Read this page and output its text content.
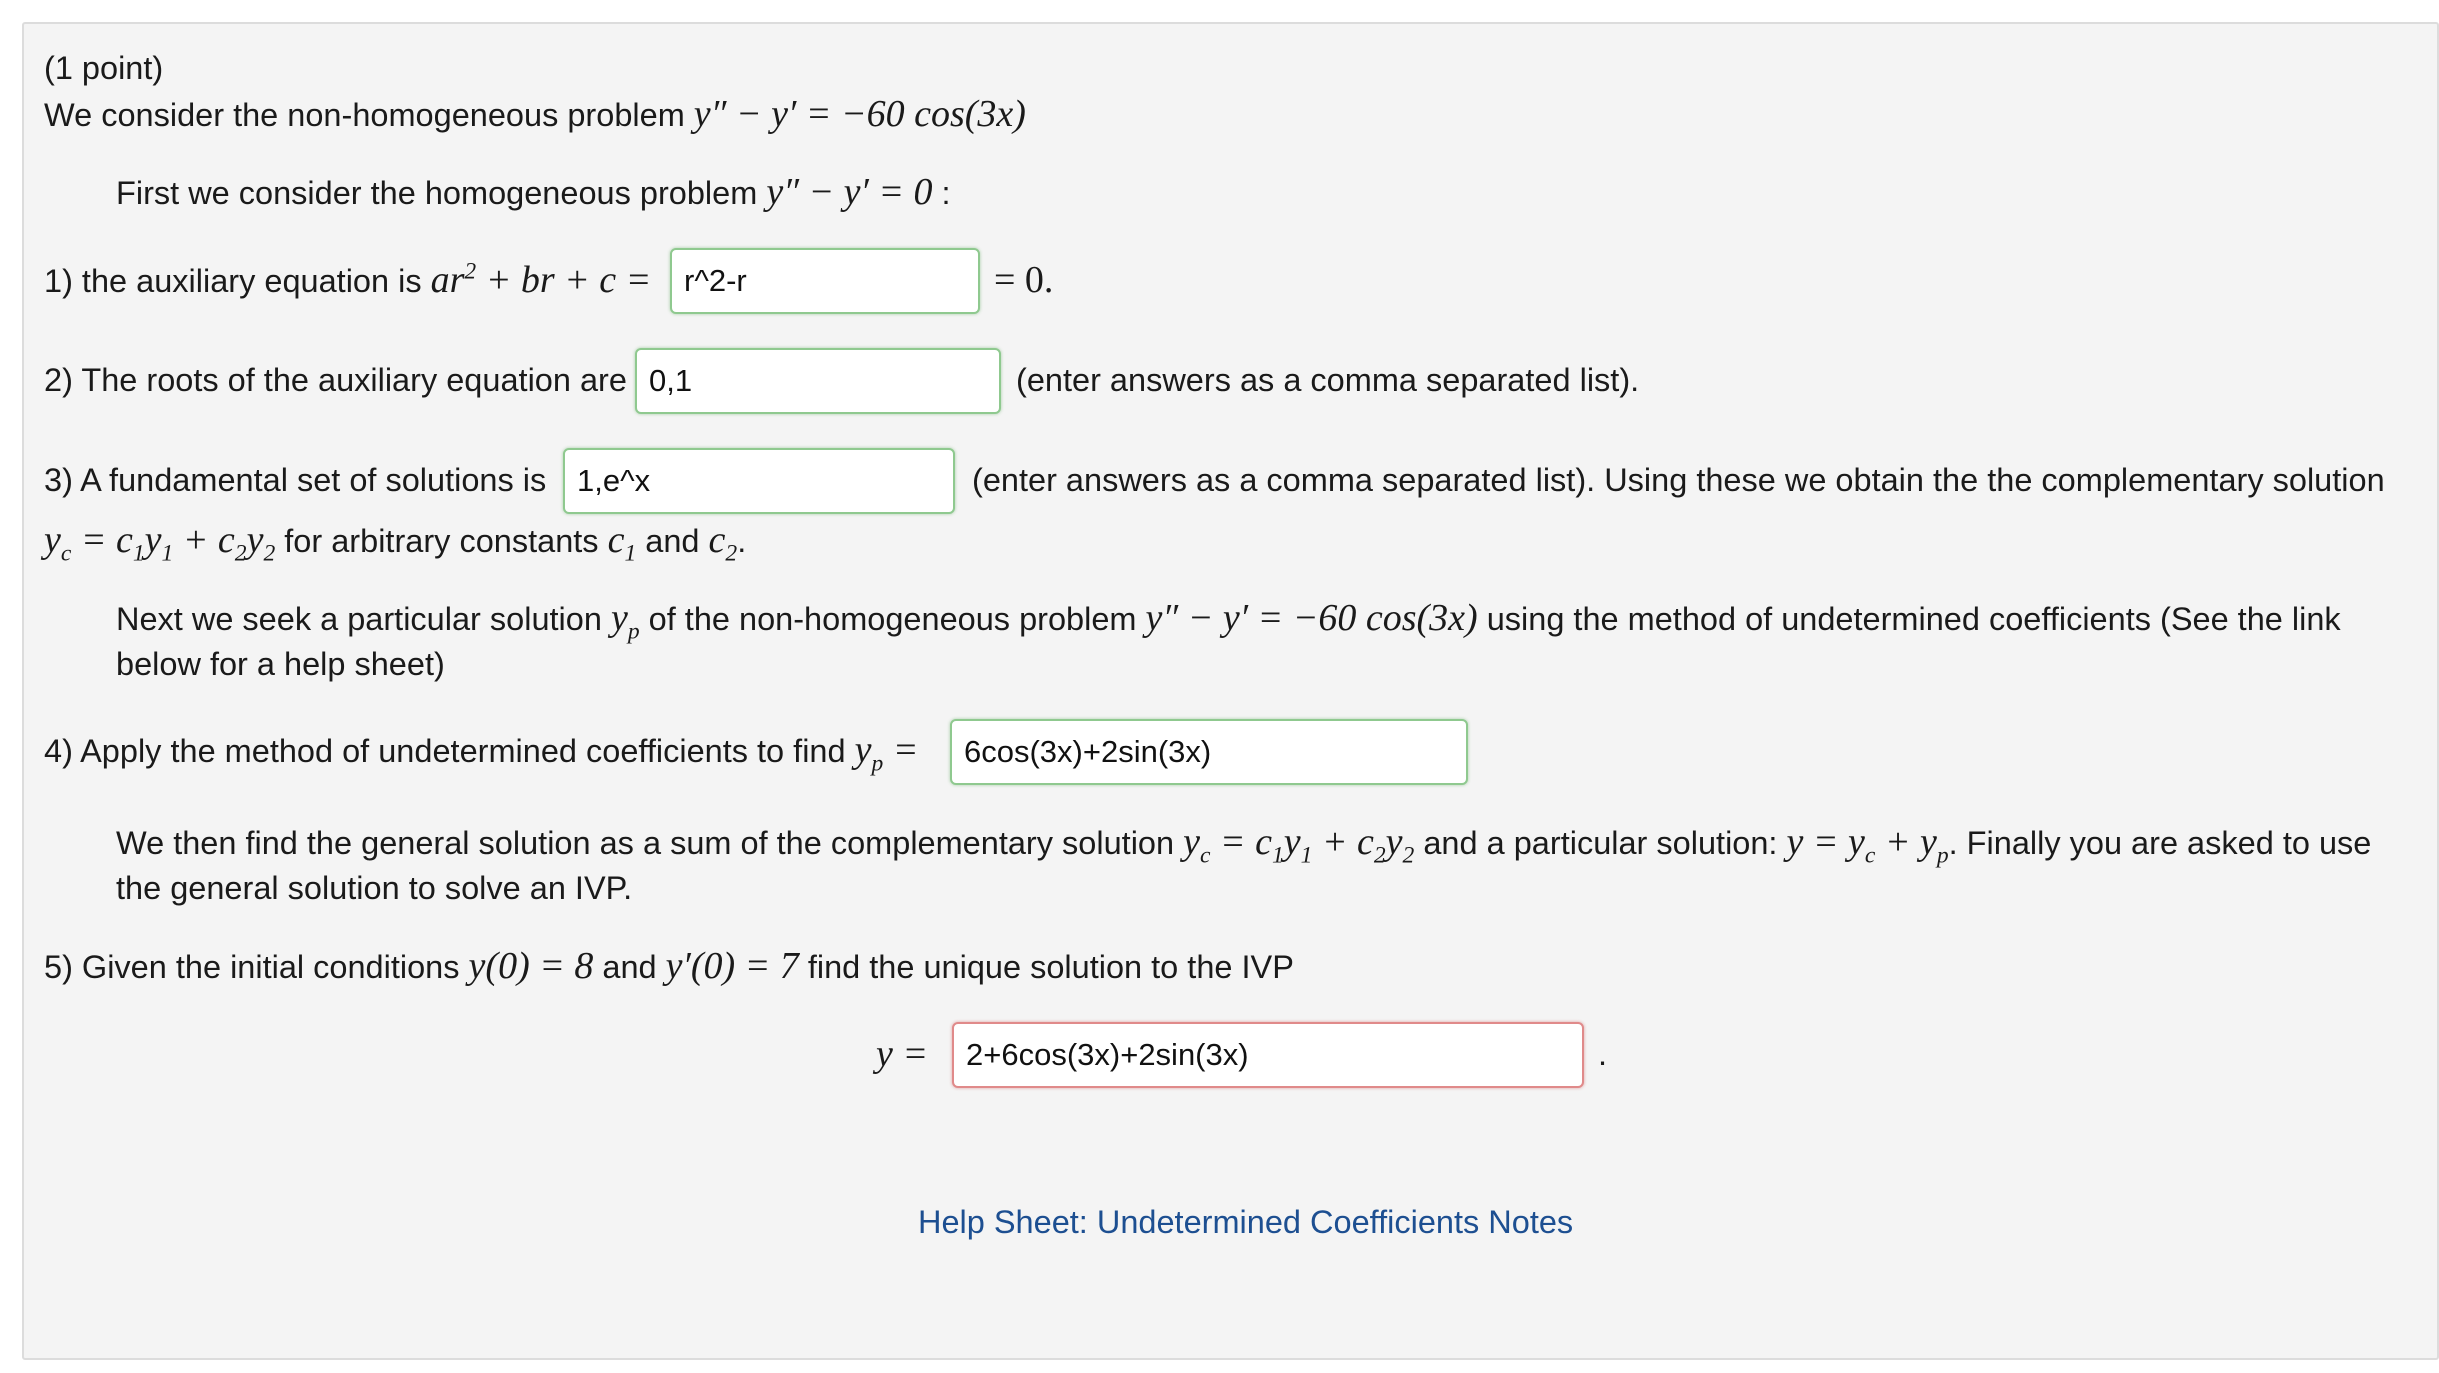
(1 point)
We consider the non-homogeneous problem y″ − y′ = −60 cos(3x)
First we consider the homogeneous problem y″ − y′ = 0 :
1) the auxiliary equation is $ar^2$ + br + c =
r^2-r	= 0.
2) The roots of the auxiliary equation are
0,1	(enter answers as a comma separated list).
3) A fundamental set of solutions is
1,e^x	(enter answers as a comma separated list). Using these we obtain the the complementary solution
$y_c = c_1y_1 + c_2y_2$ for arbitrary constants $c_1$ and $c_2$.
Next we seek a particular solution $y_p$ of the non-homogeneous problem y″ − y′ = −60 cos(3x) using the method of undetermined coefficients (See the link
below for a help sheet)
4) Apply the method of undetermined coefficients to find $y_p$ =
6cos(3x)+2sin(3x)
We then find the general solution as a sum of the complementary solution $y_c = c_1y_1 + c_2y_2$ and a particular solution: $y = y_c + y_p$. Finally you are asked to use
the general solution to solve an IVP.
5) Given the initial conditions y(0) = 8 and y′(0) = 7 find the unique solution to the IVP
y =
2+6cos(3x)+2sin(3x)	.
Help Sheet: Undetermined Coefficients Notes
